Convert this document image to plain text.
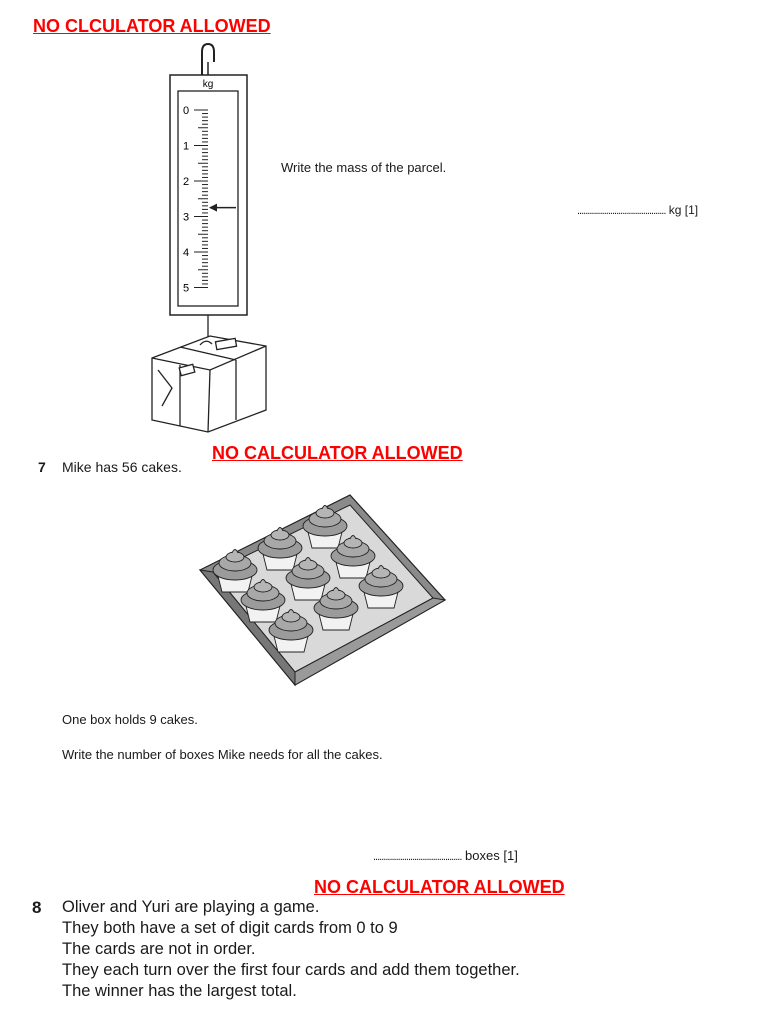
NO CLCULATOR ALLOWED
kg
0
1
2
3
4
5
Write the mass of the parcel.
........................................... kg [1]
7 Mike has 56 cakes.
NO CALCULATOR ALLOWED
One box holds 9 cakes.
Write the number of boxes Mike needs for all the cakes.
........................................... boxes [1]
NO CALCULATOR ALLOWED
8 Oliver and Yuri are playing a game.
They both have a set of digit cards from 0 to 9
The cards are not in order.
They each turn over the first four cards and add them together.
The winner has the largest total.
